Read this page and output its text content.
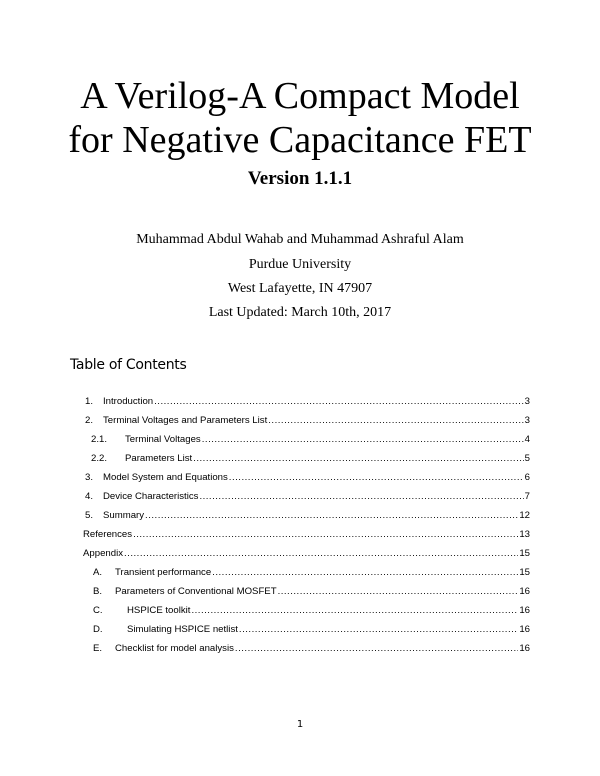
A Verilog-A Compact Model
for Negative Capacitance FET
Version 1.1.1
Muhammad Abdul Wahab and Muhammad Ashraful Alam
Purdue University
West Lafayette, IN 47907
Last Updated: March 10th, 2017
Table of Contents
1.	Introduction .....	3
2.	Terminal Voltages and Parameters List .....	3
2.1.	Terminal Voltages .....	4
2.2.	Parameters List .....	5
3.	Model System and Equations .....	6
4.	Device Characteristics .....	7
5.	Summary .....	12
References .....	13
Appendix .....	15
A.	Transient performance .....	15
B.	Parameters of Conventional MOSFET .....	16
C.	HSPICE toolkit .....	16
D.	Simulating HSPICE netlist .....	16
E.	Checklist for model analysis .....	16
1
